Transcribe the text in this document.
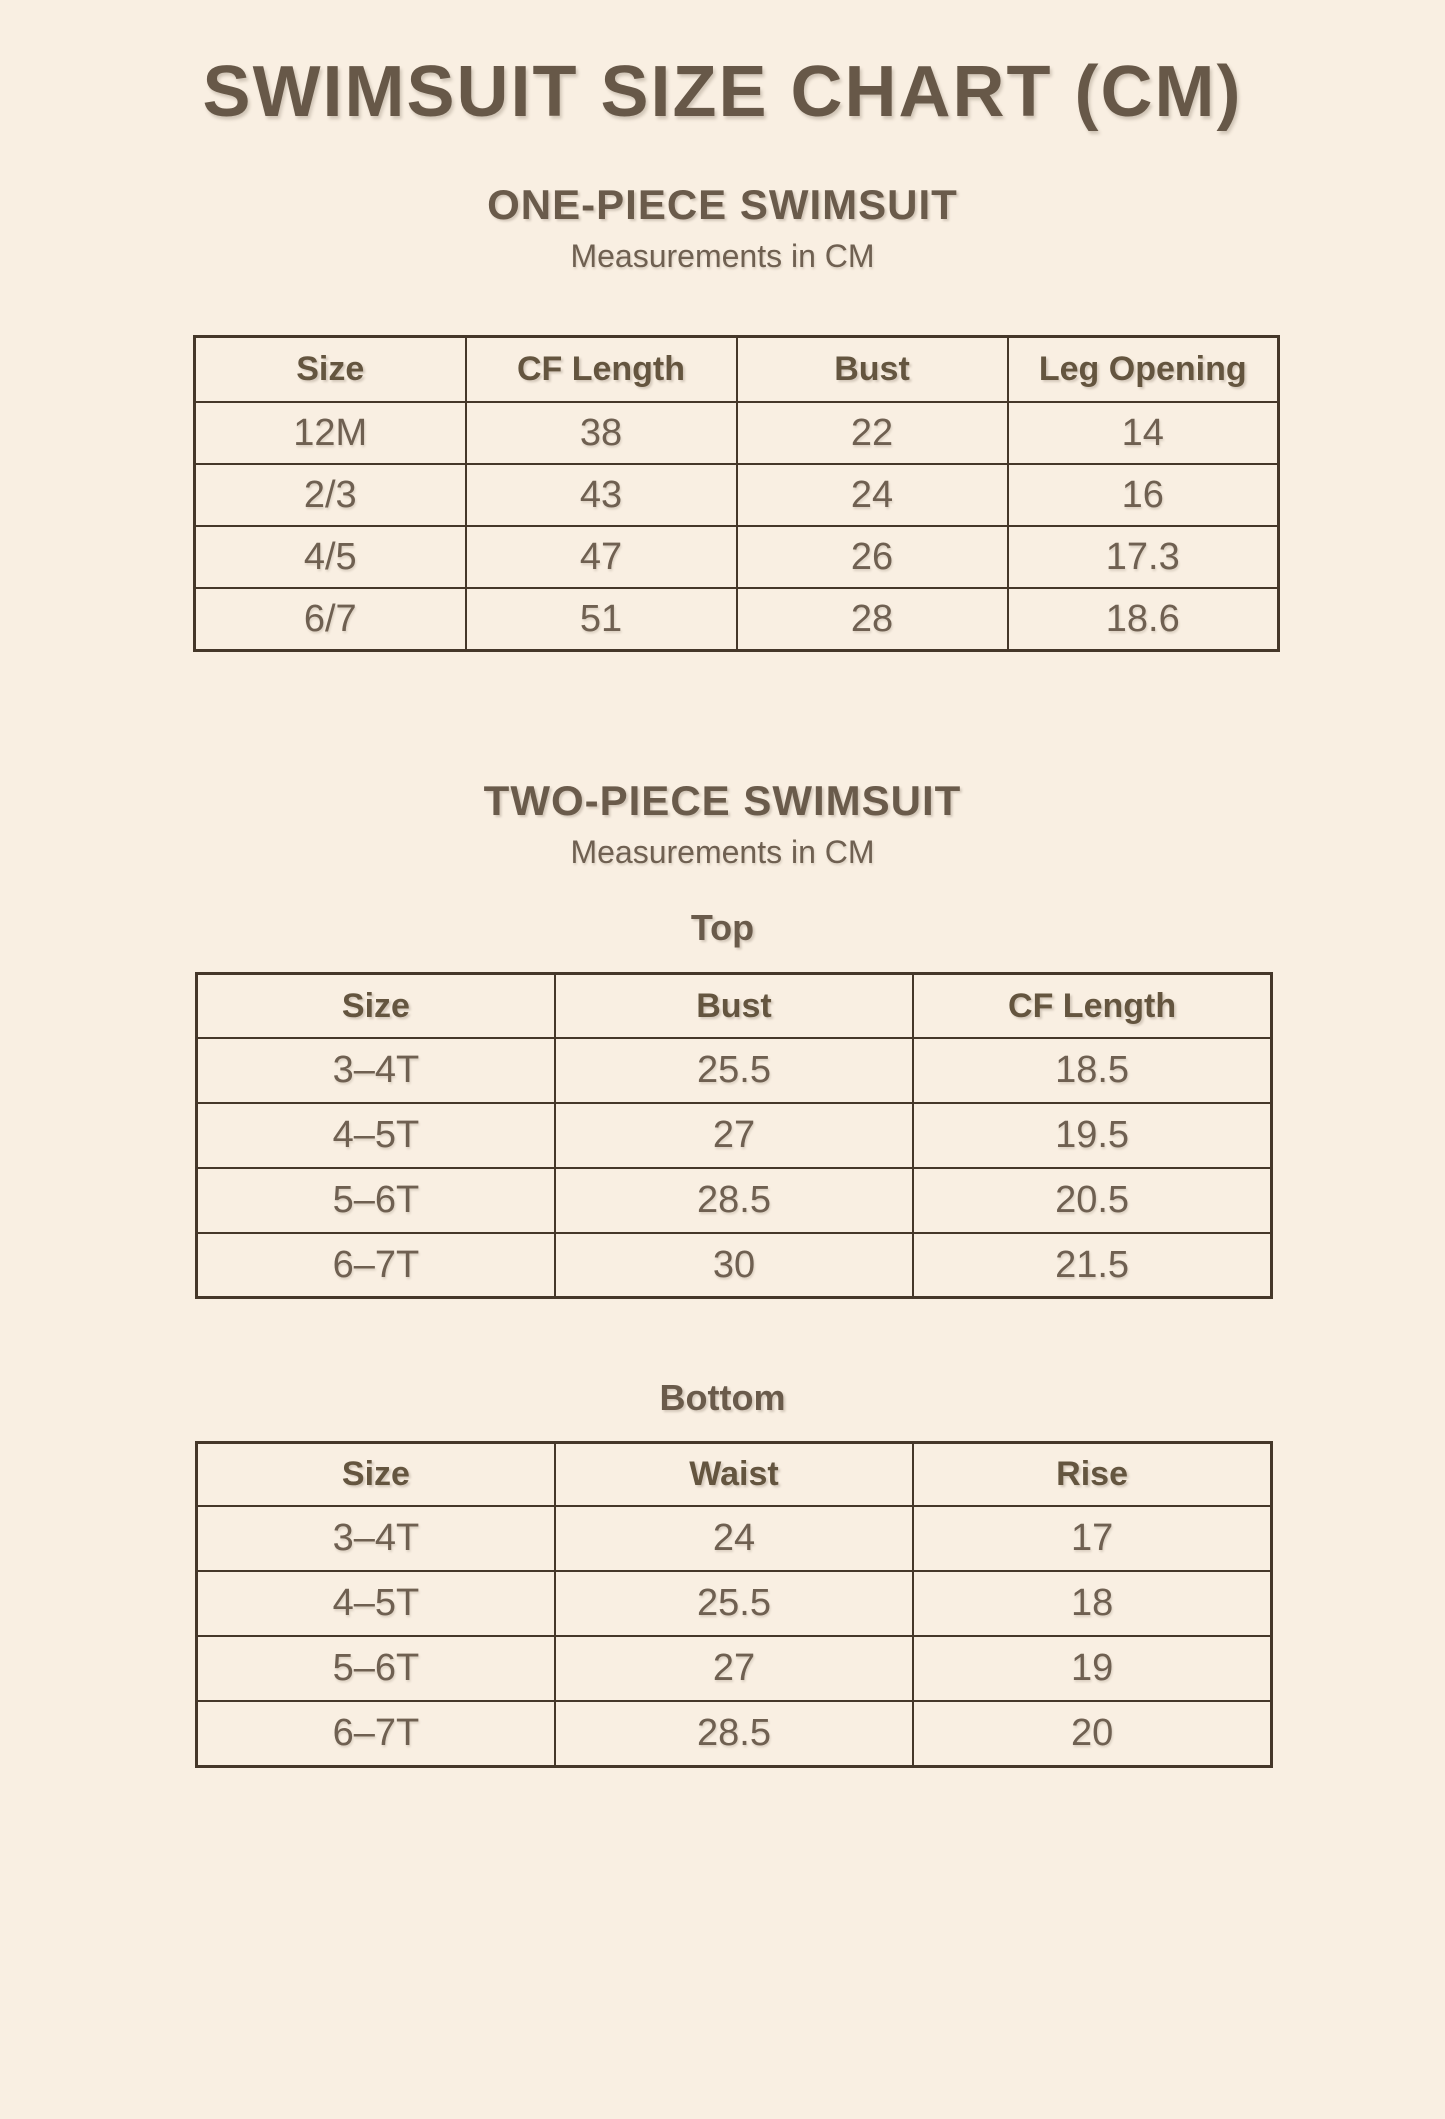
SWIMSUIT SIZE CHART (CM)
ONE-PIECE SWIMSUIT

Measurements in CM

Size	CF Length	Bust	Leg Opening
12M	38	22	14
2/3	43	24	16
4/5	47	26	17.3
6/7	51	28	18.6
TWO-PIECE SWIMSUIT

Measurements in CM

Top
Size	Bust	CF Length
3–4T	25.5	18.5
4–5T	27	19.5
5–6T	28.5	20.5
6–7T	30	21.5
Bottom
Size	Waist	Rise
3–4T	24	17
4–5T	25.5	18
5–6T	27	19
6–7T	28.5	20
